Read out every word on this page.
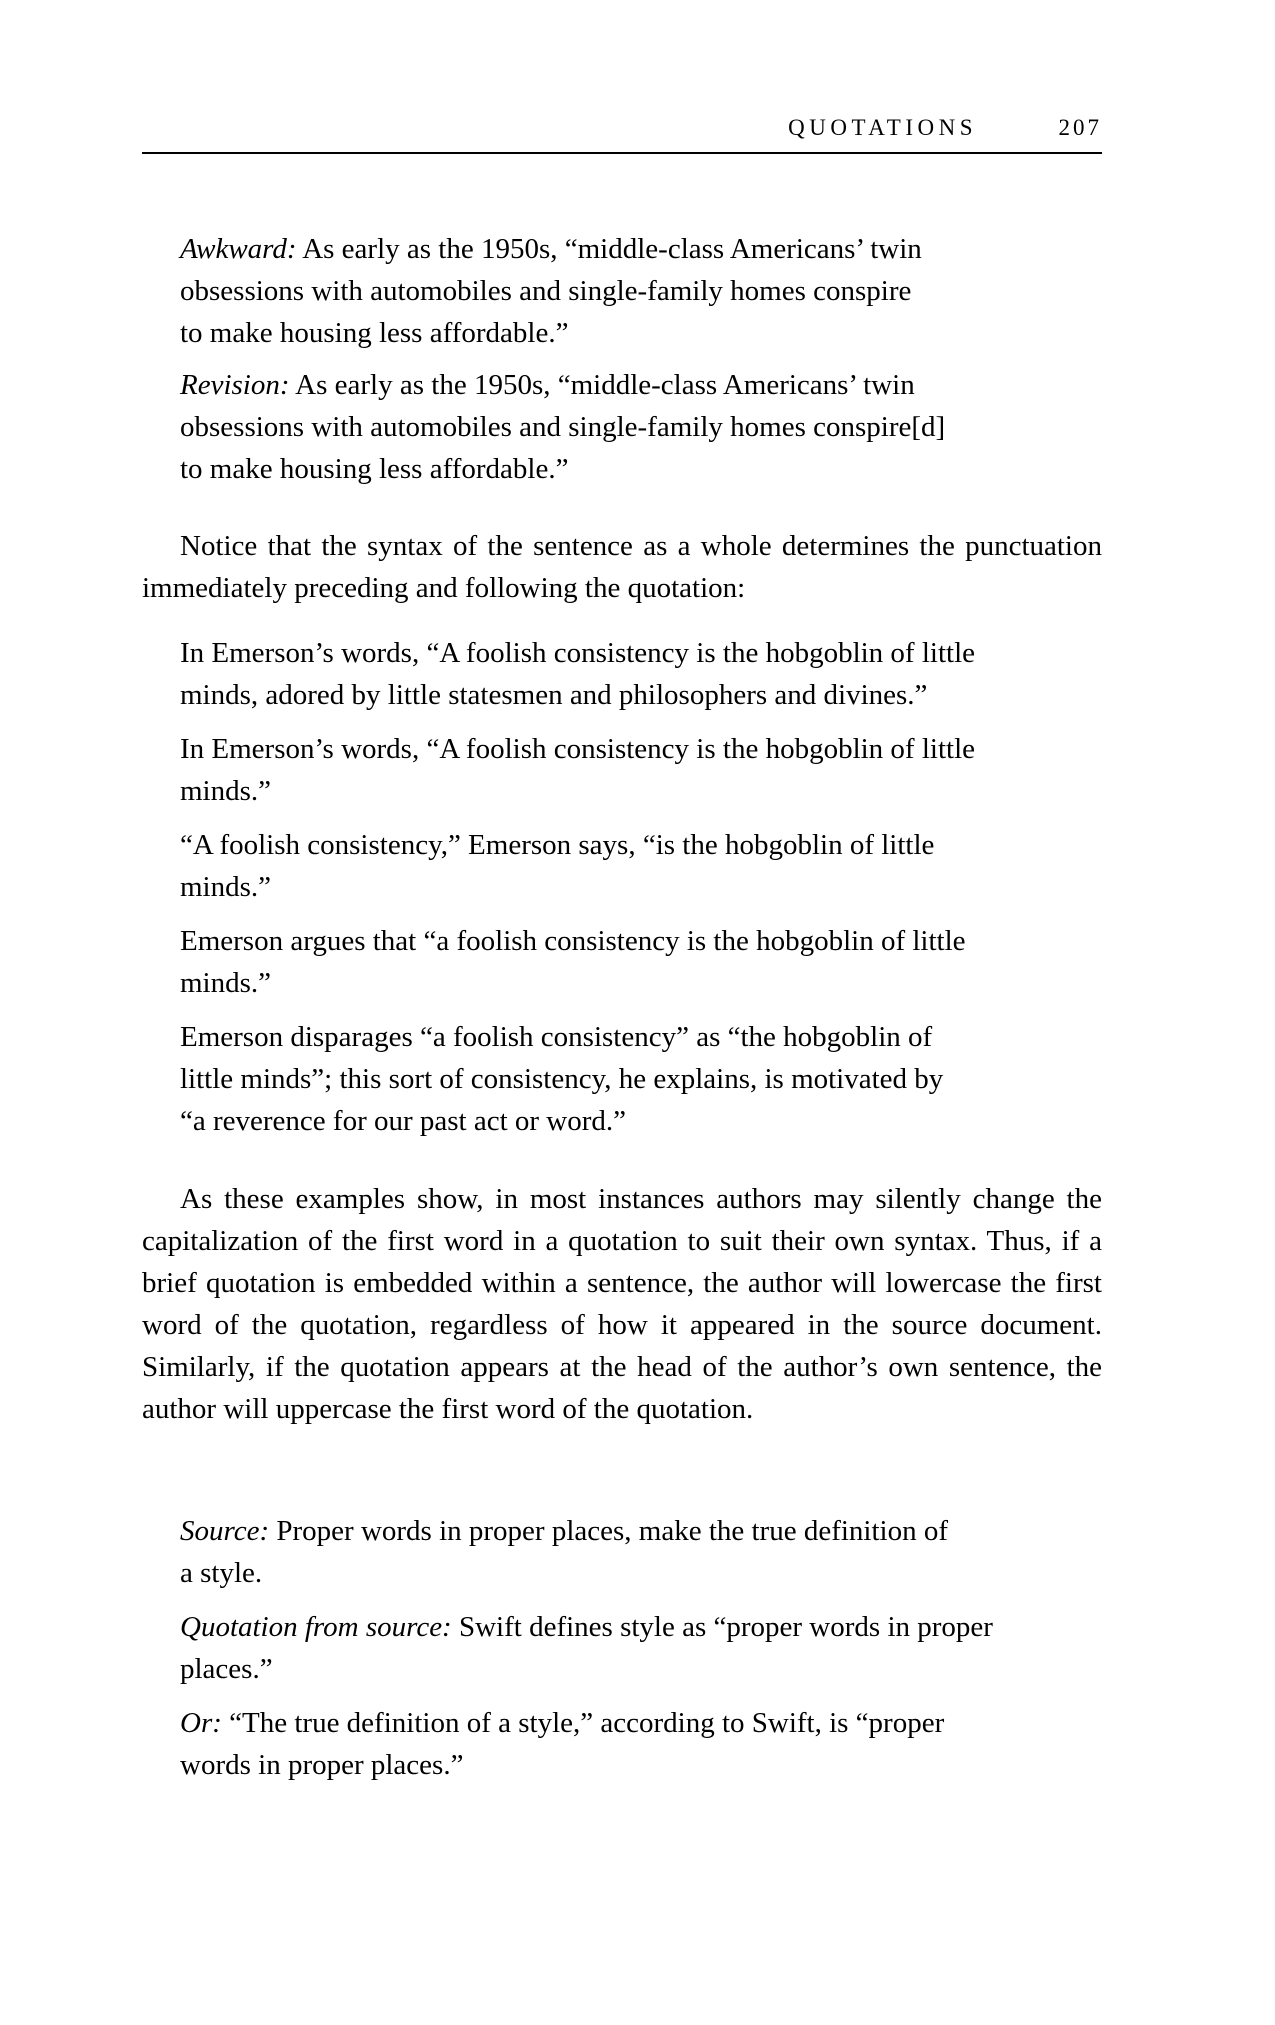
QUOTATIONS	207

Awkward: As early as the 1950s, “middle-class Americans’ twin
obsessions with automobiles and single-family homes conspire
to make housing less affordable.”

Revision: As early as the 1950s, “middle-class Americans’ twin
obsessions with automobiles and single-family homes conspire[d]
to make housing less affordable.”

Notice that the syntax of the sentence as a whole determines the punctuation immediately preceding and following the quotation:

In Emerson’s words, “A foolish consistency is the hobgoblin of little
minds, adored by little statesmen and philosophers and divines.”

In Emerson’s words, “A foolish consistency is the hobgoblin of little
minds.”

“A foolish consistency,” Emerson says, “is the hobgoblin of little
minds.”

Emerson argues that “a foolish consistency is the hobgoblin of little
minds.”

Emerson disparages “a foolish consistency” as “the hobgoblin of
little minds”; this sort of consistency, he explains, is motivated by
“a reverence for our past act or word.”

As these examples show, in most instances authors may silently change the capitalization of the first word in a quotation to suit their own syntax. Thus, if a brief quotation is embedded within a sentence, the author will lowercase the first word of the quotation, regardless of how it appeared in the source document. Similarly, if the quotation appears at the head of the author’s own sentence, the author will uppercase the first word of the quotation.

Source: Proper words in proper places, make the true definition of
a style.

Quotation from source: Swift defines style as “proper words in proper
places.”

Or: “The true definition of a style,” according to Swift, is “proper
words in proper places.”
